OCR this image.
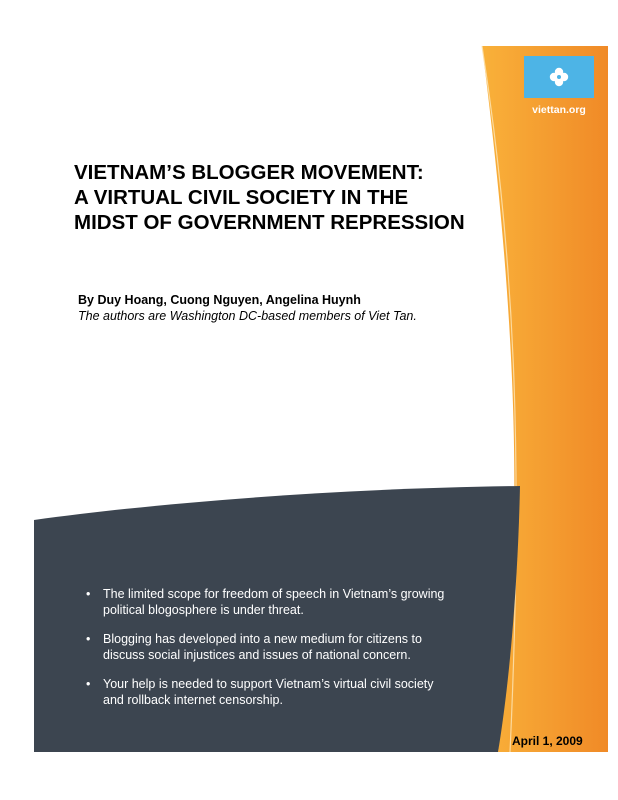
viettan.org
VIETNAM’S BLOGGER MOVEMENT:
A VIRTUAL CIVIL SOCIETY IN THE
MIDST OF GOVERNMENT REPRESSION

By Duy Hoang, Cuong Nguyen, Angelina Huynh

The authors are Washington DC-based members of Viet Tan.

• The limited scope for freedom of speech in Vietnam’s growing
political blogosphere is under threat.
• Blogging has developed into a new medium for citizens to
discuss social injustices and issues of national concern.
• Your help is needed to support Vietnam’s virtual civil society
and rollback internet censorship.

April 1, 2009
